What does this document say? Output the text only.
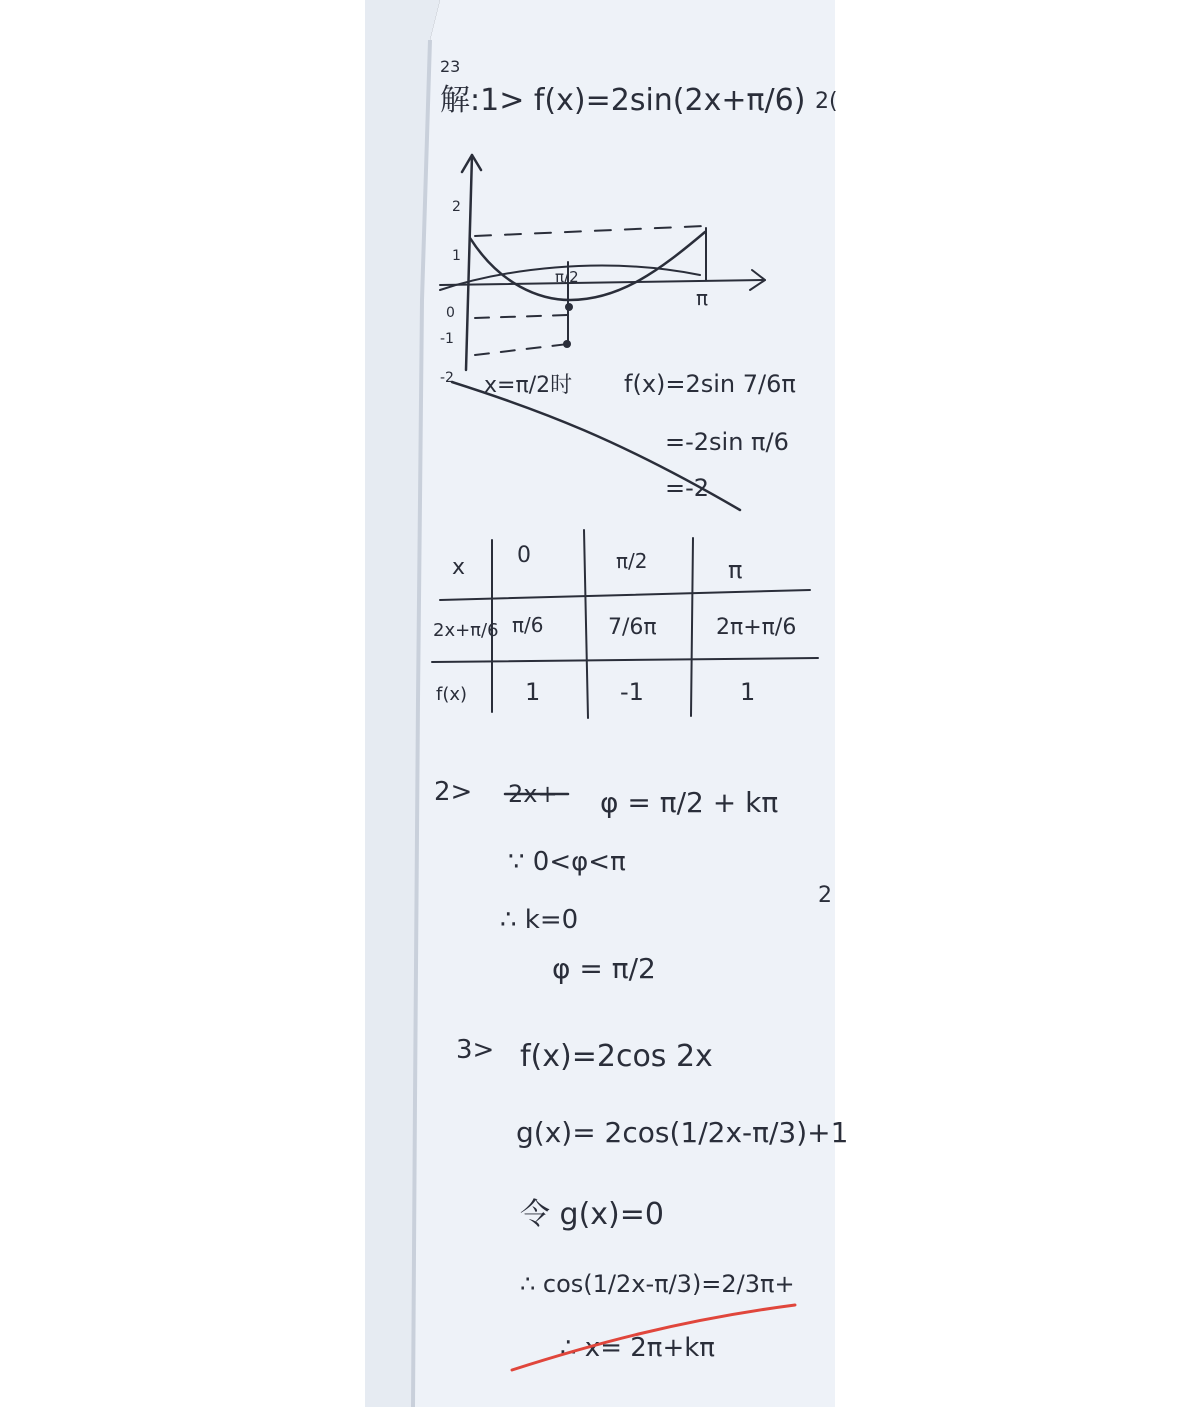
23
解:1> f(x)=2sin(2x+π/6) 2(
2
1
0
-1
-2
π/2
π
x=π/2时 f(x)=2sin 7/6π
=-2sin π/6
=-2
x
2x+π/6
f(x)
0
π/6
1
π/2
7/6π
-1
π
2π+π/6
1
2> 2x+ φ = π/2 + kπ
∵ 0<φ<π
∴ k=0
φ = π/2
2
3> f(x)=2cos 2x
g(x)= 2cos(1/2x-π/3)+1
令 g(x)=0
∴ cos(1/2x-π/3)=2/3π+
∴ x= 2π+kπ
